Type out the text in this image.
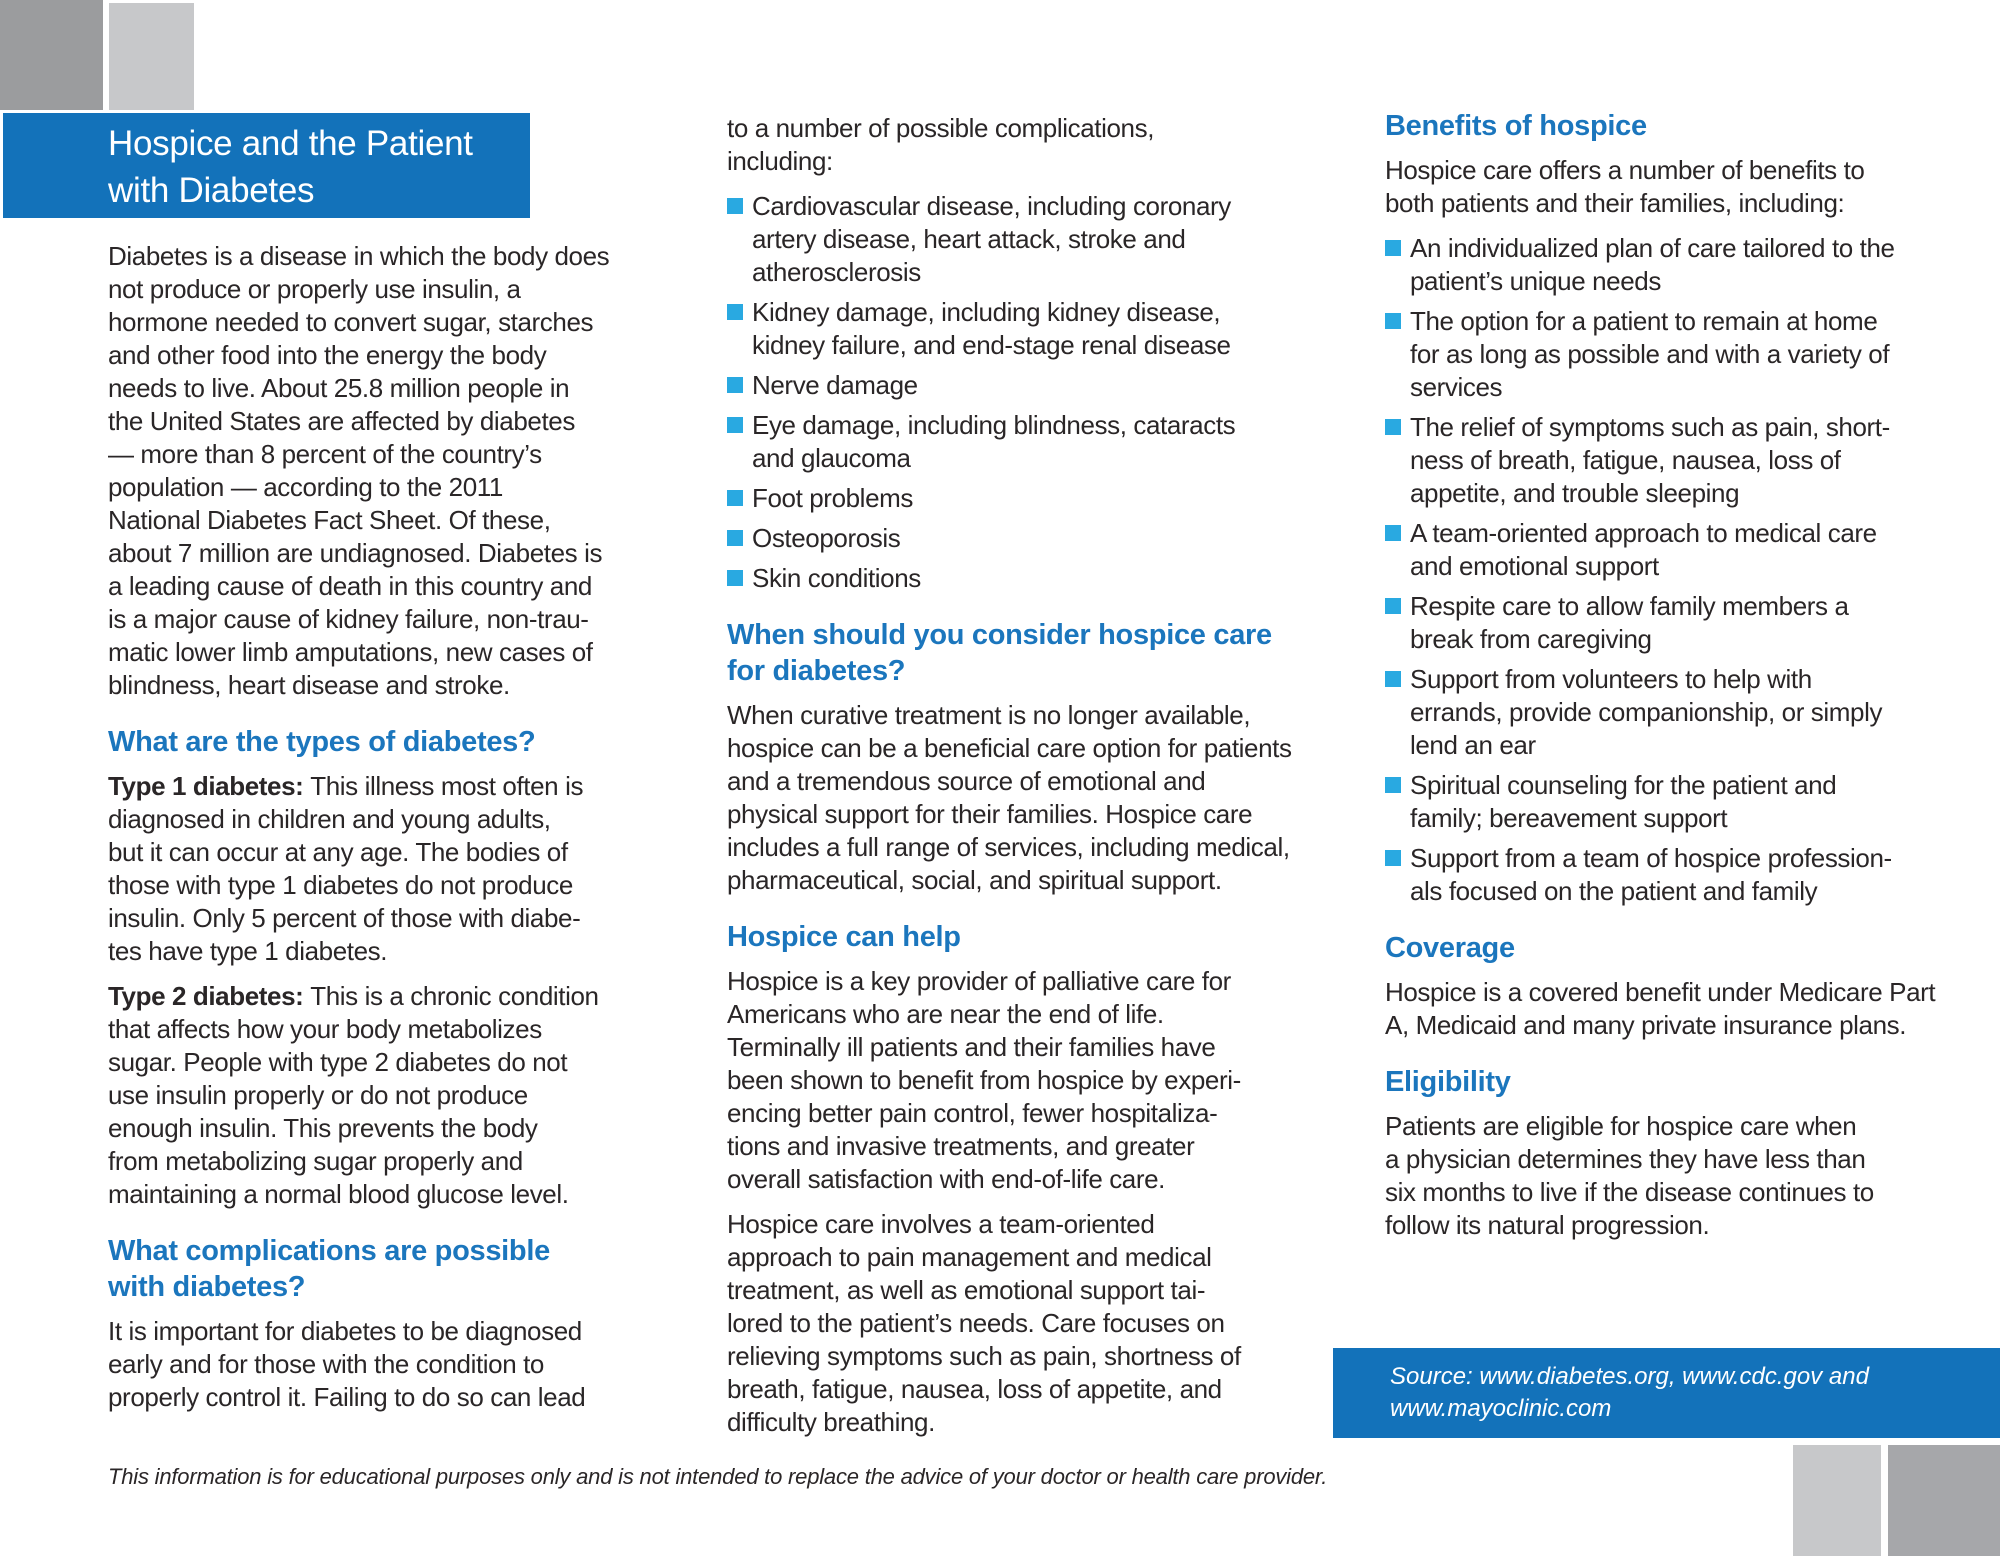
Hospice and the Patient
with Diabetes
Diabetes is a disease in which the body does
not produce or properly use insulin, a
hormone needed to convert sugar, starches
and other food into the energy the body
needs to live. About 25.8 million people in
the United States are affected by diabetes
— more than 8 percent of the country’s
population — according to the 2011
National Diabetes Fact Sheet. Of these,
about 7 million are undiagnosed. Diabetes is
a leading cause of death in this country and
is a major cause of kidney failure, non-trau-
matic lower limb amputations, new cases of
blindness, heart disease and stroke.
What are the types of diabetes?
Type 1 diabetes: This illness most often is
diagnosed in children and young adults,
but it can occur at any age. The bodies of
those with type 1 diabetes do not produce
insulin. Only 5 percent of those with diabe-
tes have type 1 diabetes.
Type 2 diabetes: This is a chronic condition
that affects how your body metabolizes
sugar. People with type 2 diabetes do not
use insulin properly or do not produce
enough insulin. This prevents the body
from metabolizing sugar properly and
maintaining a normal blood glucose level.
What complications are possible
with diabetes?
It is important for diabetes to be diagnosed
early and for those with the condition to
properly control it. Failing to do so can lead
to a number of possible complications,
including:
Cardiovascular disease, including coronary
artery disease, heart attack, stroke and
atherosclerosis
Kidney damage, including kidney disease,
kidney failure, and end-stage renal disease
Nerve damage
Eye damage, including blindness, cataracts
and glaucoma
Foot problems
Osteoporosis
Skin conditions
When should you consider hospice care
for diabetes?
When curative treatment is no longer available,
hospice can be a beneficial care option for patients
and a tremendous source of emotional and
physical support for their families. Hospice care
includes a full range of services, including medical,
pharmaceutical, social, and spiritual support.
Hospice can help
Hospice is a key provider of palliative care for
Americans who are near the end of life.
Terminally ill patients and their families have
been shown to benefit from hospice by experi-
encing better pain control, fewer hospitaliza-
tions and invasive treatments, and greater
overall satisfaction with end-of-life care.
Hospice care involves a team-oriented
approach to pain management and medical
treatment, as well as emotional support tai-
lored to the patient’s needs. Care focuses on
relieving symptoms such as pain, shortness of
breath, fatigue, nausea, loss of appetite, and
difficulty breathing.
Benefits of hospice
Hospice care offers a number of benefits to
both patients and their families, including:
An individualized plan of care tailored to the
patient’s unique needs
The option for a patient to remain at home
for as long as possible and with a variety of
services
The relief of symptoms such as pain, short-
ness of breath, fatigue, nausea, loss of
appetite, and trouble sleeping
A team-oriented approach to medical care
and emotional support
Respite care to allow family members a
break from caregiving
Support from volunteers to help with
errands, provide companionship, or simply
lend an ear
Spiritual counseling for the patient and
family; bereavement support
Support from a team of hospice profession-
als focused on the patient and family
Coverage
Hospice is a covered benefit under Medicare Part
A, Medicaid and many private insurance plans.
Eligibility
Patients are eligible for hospice care when
a physician determines they have less than
six months to live if the disease continues to
follow its natural progression.
This information is for educational purposes only and is not intended to replace the advice of your doctor or health care provider.
Source: www.diabetes.org, www.cdc.gov and
www.mayoclinic.com
